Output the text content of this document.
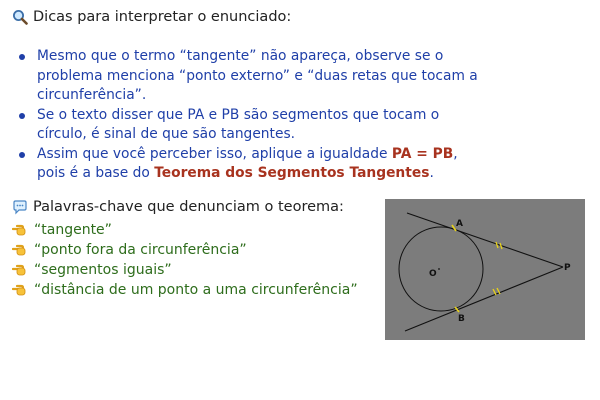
Dicas para interpretar o enunciado:
Mesmo que o termo “tangente” não apareça, observe se o problema menciona “ponto externo” e “duas retas que tocam a circunferência”.
Se o texto disser que PA e PB são segmentos que tocam o círculo, é sinal de que são tangentes.
Assim que você perceber isso, aplique a igualdade PA = PB, pois é a base do Teorema dos Segmentos Tangentes.
Palavras-chave que denunciam o teorema:
“tangente”
“ponto fora da circunferência”
“segmentos iguais”
“distância de um ponto a uma circunferência”
A
B
O
P
